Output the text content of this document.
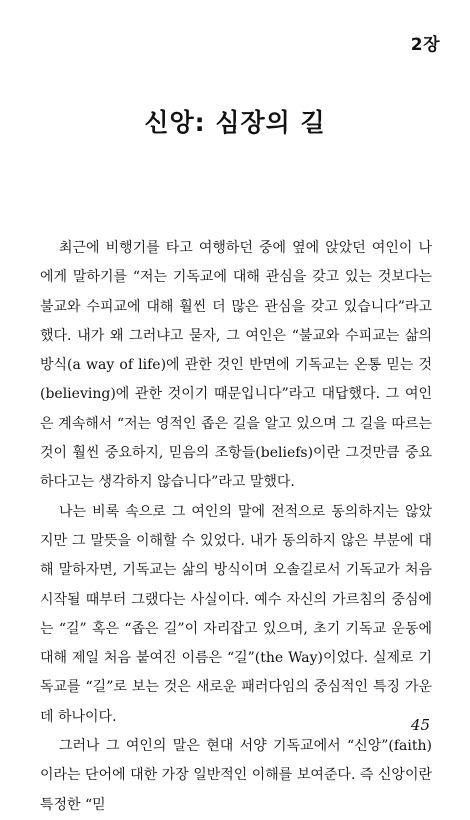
2장
신앙: 심장의 길

최근에 비행기를 타고 여행하던 중에 옆에 앉았던 여인이 나에게 말하기를 “저는 기독교에 대해 관심을 갖고 있는 것보다는 불교와 수피교에 대해 훨씬 더 많은 관심을 갖고 있습니다”라고 했다. 내가 왜 그러냐고 묻자, 그 여인은 “불교와 수피교는 삶의 방식(a way of life)에 관한 것인 반면에 기독교는 온통 믿는 것(believing)에 관한 것이기 때문입니다”라고 대답했다. 그 여인은 계속해서 “저는 영적인 좁은 길을 알고 있으며 그 길을 따르는 것이 훨씬 중요하지, 믿음의 조항들(beliefs)이란 그것만큼 중요하다고는 생각하지 않습니다”라고 말했다.

나는 비록 속으로 그 여인의 말에 전적으로 동의하지는 않았지만 그 말뜻을 이해할 수 있었다. 내가 동의하지 않은 부분에 대해 말하자면, 기독교는 삶의 방식이며 오솔길로서 기독교가 처음 시작될 때부터 그랬다는 사실이다. 예수 자신의 가르침의 중심에는 “길” 혹은 “좁은 길”이 자리잡고 있으며, 초기 기독교 운동에 대해 제일 처음 붙여진 이름은 “길”(the Way)이었다. 실제로 기독교를 “길”로 보는 것은 새로운 패러다임의 중심적인 특징 가운데 하나이다.

그러나 그 여인의 말은 현대 서양 기독교에서 “신앙”(faith)이라는 단어에 대한 가장 일반적인 이해를 보여준다. 즉 신앙이란 특정한 “믿

45
